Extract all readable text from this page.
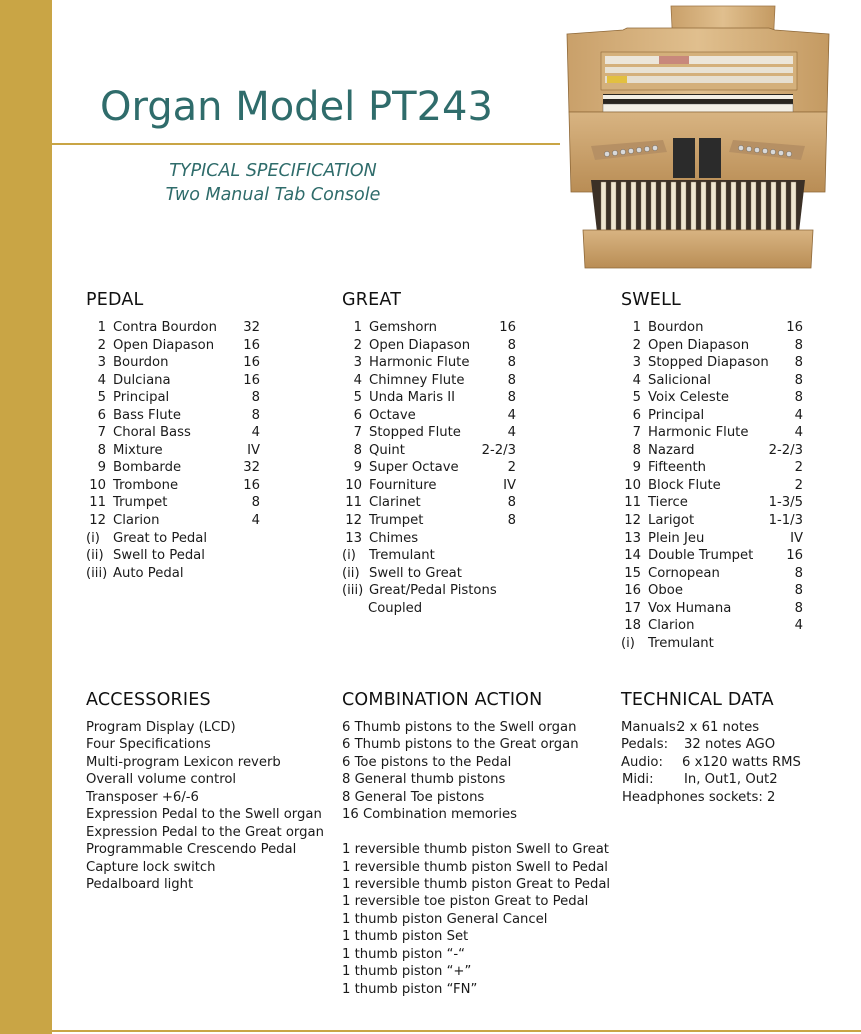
Organ Model PT243
TYPICAL SPECIFICATION
Two Manual Tab Console
PEDAL
1 Contra Bourdon 32
2 Open Diapason 16
3 Bourdon	16
4 Dulciana	16
5 Principal	8
6 Bass Flute	8
7 Choral Bass	4
8 Mixture	IV
9 Bombarde	32
10 Trombone	16
11 Trumpet	8
12 Clarion	4
(i) Great to Pedal
(ii) Swell to Pedal
(iii) Auto Pedal
GREAT
1 Gemshorn	16
2 Open Diapason	8
3 Harmonic Flute	8
4 Chimney Flute	8
5 Unda Maris II	8
6 Octave	4
7 Stopped Flute	4
8 Quint	2-2/3
9 Super Octave	2
10 Fourniture	IV
11 Clarinet	8
12 Trumpet	8
13 Chimes
(i) Tremulant
(ii) Swell to Great
(iii) Great/Pedal Pistons
Coupled
SWELL
1 Bourdon	16
2 Open Diapason	8
3 Stopped Diapason 8
4 Salicional	8
5 Voix Celeste	8
6 Principal	4
7 Harmonic Flute	4
8 Nazard	2-2/3
9 Fifteenth	2
10 Block Flute	2
11 Tierce	1-3/5
12 Larigot	1-1/3
13 Plein Jeu	IV
14 Double Trumpet 16
15 Cornopean	8
16 Oboe	8
17 Vox Humana	8
18 Clarion	4
(i) Tremulant
ACCESSORIES
Program Display (LCD)
Four Specifications
Multi-program Lexicon reverb
Overall volume control
Transposer +6/-6
Expression Pedal to the Swell organ
Expression Pedal to the Great organ
Programmable Crescendo Pedal
Capture lock switch
Pedalboard light
COMBINATION ACTION
6 Thumb pistons to the Swell organ
6 Thumb pistons to the Great organ
6 Toe pistons to the Pedal
8 General thumb pistons
8 General Toe pistons
16 Combination memories
1 reversible thumb piston Swell to Great
1 reversible thumb piston Swell to Pedal
1 reversible thumb piston Great to Pedal
1 reversible toe piston Great to Pedal
1 thumb piston General Cancel
1 thumb piston Set
1 thumb piston “-“
1 thumb piston “+”
1 thumb piston “FN”
TECHNICAL DATA
Manuals:
2 x 61 notes
Pedals: 32 notes AGO
Audio: 6 x120 watts RMS
Midi: In, Out1, Out2
Headphones sockets: 2
